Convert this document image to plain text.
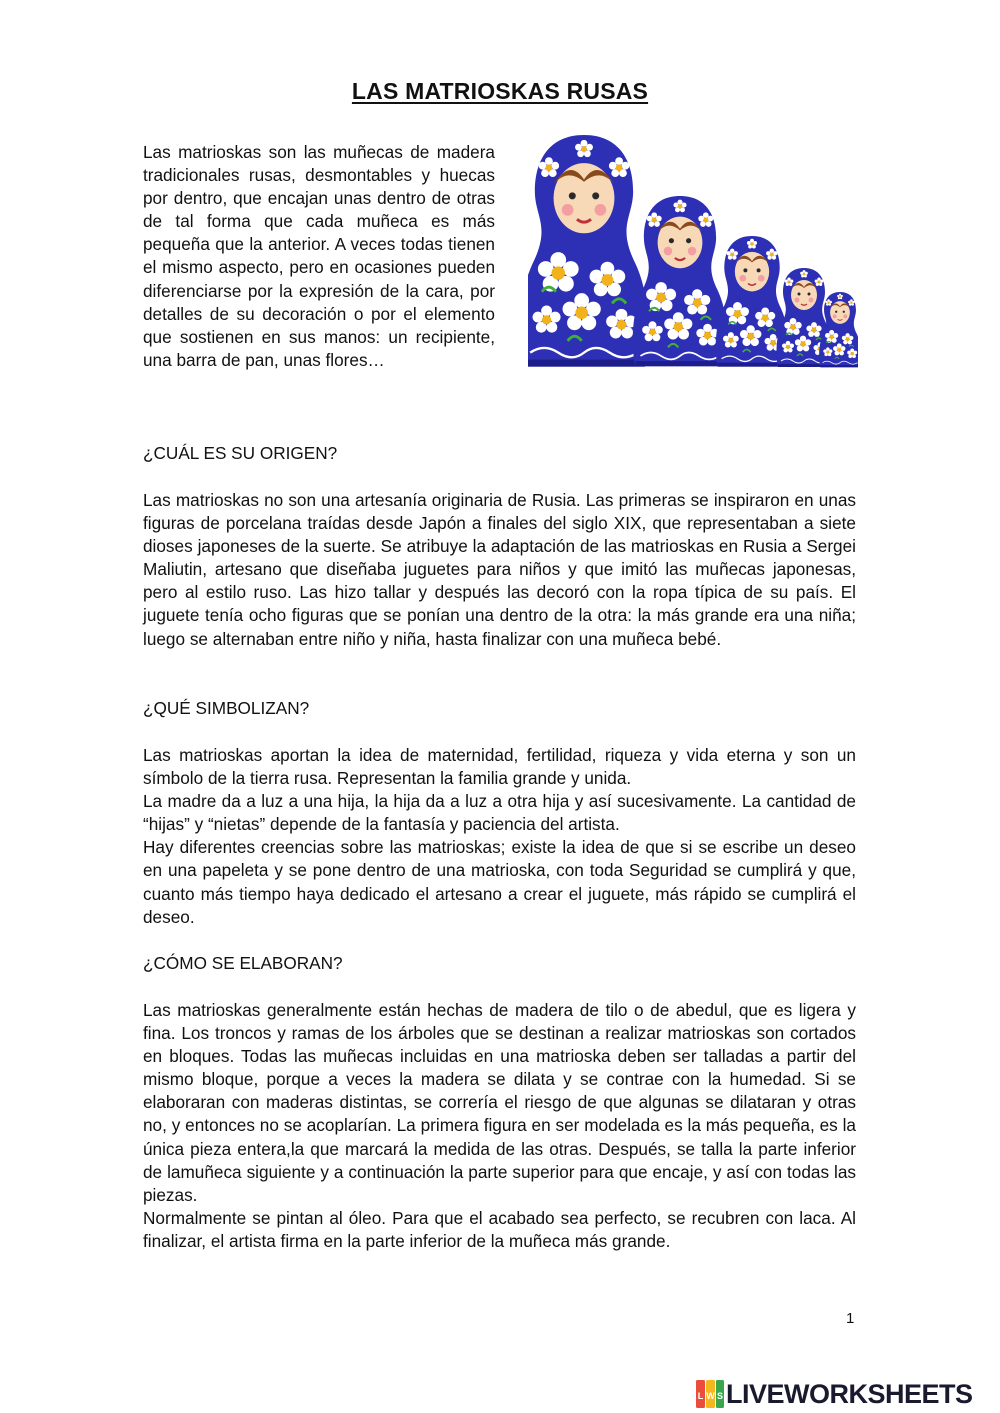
LAS MATRIOSKAS RUSAS

Las matrioskas son las muñecas de madera tradicionales rusas, desmontables y huecas por dentro, que encajan unas dentro de otras de tal forma que cada muñeca es más pequeña que la anterior. A veces todas tienen el mismo aspecto, pero en ocasiones pueden diferenciarse por la expresión de la cara, por detalles de su decoración o por el elemento que sostienen en sus manos: un recipiente, una barra de pan, unas flores…

¿CUÁL ES SU ORIGEN?

Las matrioskas no son una artesanía originaria de Rusia. Las primeras se inspiraron en unas figuras de porcelana traídas desde Japón a finales del siglo XIX, que representaban a siete dioses japoneses de la suerte. Se atribuye la adaptación de las matrioskas en Rusia a Sergei Maliutin, artesano que diseñaba juguetes para niños y que imitó las muñecas japonesas, pero al estilo ruso. Las hizo tallar y después las decoró con la ropa típica de su país. El juguete tenía ocho figuras que se ponían una dentro de la otra: la más grande era una niña; luego se alternaban entre niño y niña, hasta finalizar con una muñeca bebé.

¿QUÉ SIMBOLIZAN?

Las matrioskas aportan la idea de maternidad, fertilidad, riqueza y vida eterna y son un símbolo de la tierra rusa. Representan la familia grande y unida.

La madre da a luz a una hija, la hija da a luz a otra hija y así sucesivamente. La cantidad de “hijas” y “nietas” depende de la fantasía y paciencia del artista.

Hay diferentes creencias sobre las matrioskas; existe la idea de que si se escribe un deseo en una papeleta y se pone dentro de una matrioska, con toda Seguridad se cumplirá y que, cuanto más tiempo haya dedicado el artesano a crear el juguete, más rápido se cumplirá el deseo.

¿CÓMO SE ELABORAN?

Las matrioskas generalmente están hechas de madera de tilo o de abedul, que es ligera y fina. Los troncos y ramas de los árboles que se destinan a realizar matrioskas son cortados en bloques. Todas las muñecas incluidas en una matrioska deben ser talladas a partir del mismo bloque, porque a veces la madera se dilata y se contrae con la humedad. Si se elaboraran con maderas distintas, se correría el riesgo de que algunas se dilataran y otras no, y entonces no se acoplarían. La primera figura en ser modelada es la más pequeña, es la única pieza entera,la que marcará la medida de las otras. Después, se talla la parte inferior de lamuñeca siguiente y a continuación la parte superior para que encaje, y así con todas las piezas.

Normalmente se pintan al óleo. Para que el acabado sea perfecto, se recubren con laca. Al finalizar, el artista firma en la parte inferior de la muñeca más grande.

1
L W S LIVEWORKSHEETS
